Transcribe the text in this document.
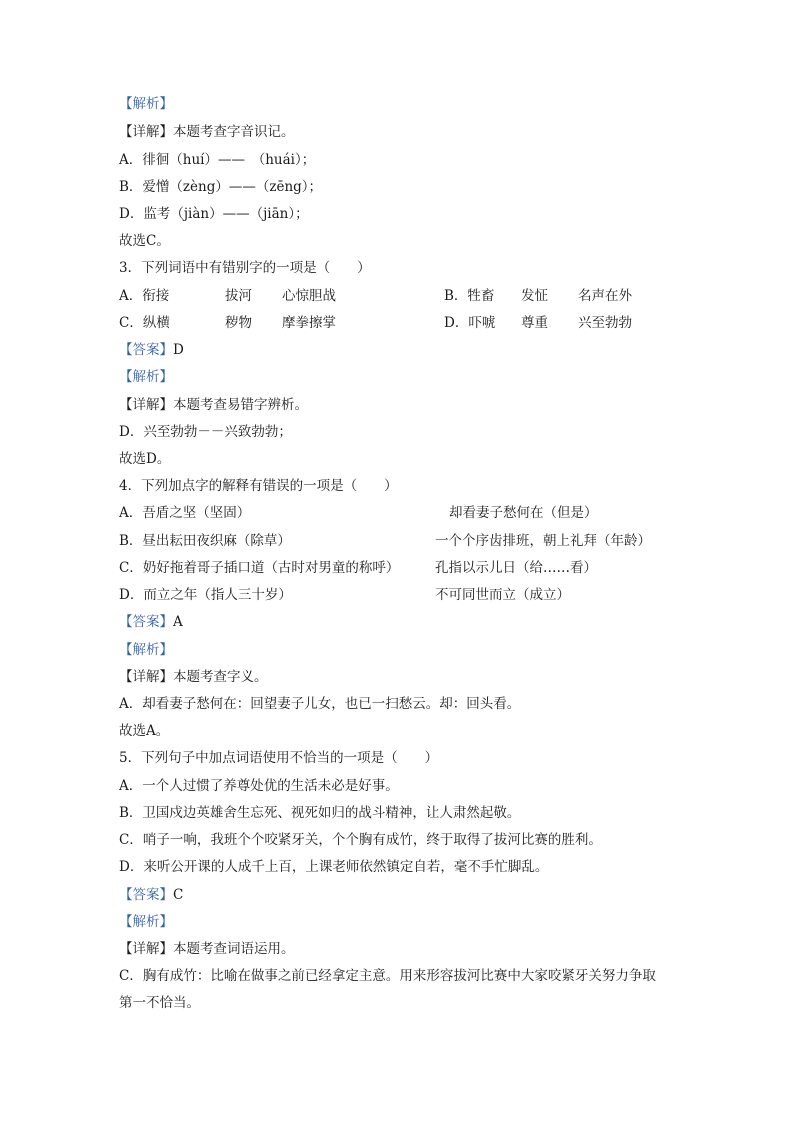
【解析】
【详解】本题考查字音识记。
A．徘徊（huí）——　（huái）；
B．爱憎（zèng）——（zēng）；
D．监考（jiàn）——（jiān）；
故选C。
3．下列词语中有错别字的一项是（　　）
A．衔接	拔河 心惊胆战	B．牲畜 发怔 名声在外
C．纵横	秽物 摩拳擦掌	D．吓唬 尊重 兴至勃勃
【答案】D
【解析】
【详解】本题考查易错字辨析。
D．兴至勃勃－－兴致勃勃；
故选D。
4．下列加点字的解释有错误的一项是（　　）
A．吾盾之坚（坚固）	却看妻子愁何在（但是）
B．昼出耘田夜织麻（除草）	一个个序齿排班，朝上礼拜（年龄）
C．奶好拖着哥子插口道（古时对男童的称呼）	孔指以示儿日（给……看）
D．而立之年（指人三十岁）	不可同世而立（成立）
【答案】A
【解析】
【详解】本题考查字义。
A．却看妻子愁何在：回望妻子儿女，也已一扫愁云。却：回头看。
故选A。
5．下列句子中加点词语使用不恰当的一项是（　　）
A．一个人过惯了养尊处优的生活未必是好事。
B．卫国戍边英雄舍生忘死、视死如归的战斗精神，让人肃然起敬。
C．哨子一响，我班个个咬紧牙关，个个胸有成竹，终于取得了拔河比赛的胜利。
D．来听公开课的人成千上百，上课老师依然镇定自若，毫不手忙脚乱。
【答案】C
【解析】
【详解】本题考查词语运用。
C．胸有成竹：比喻在做事之前已经拿定主意。用来形容拔河比赛中大家咬紧牙关努力争取
第一不恰当。
